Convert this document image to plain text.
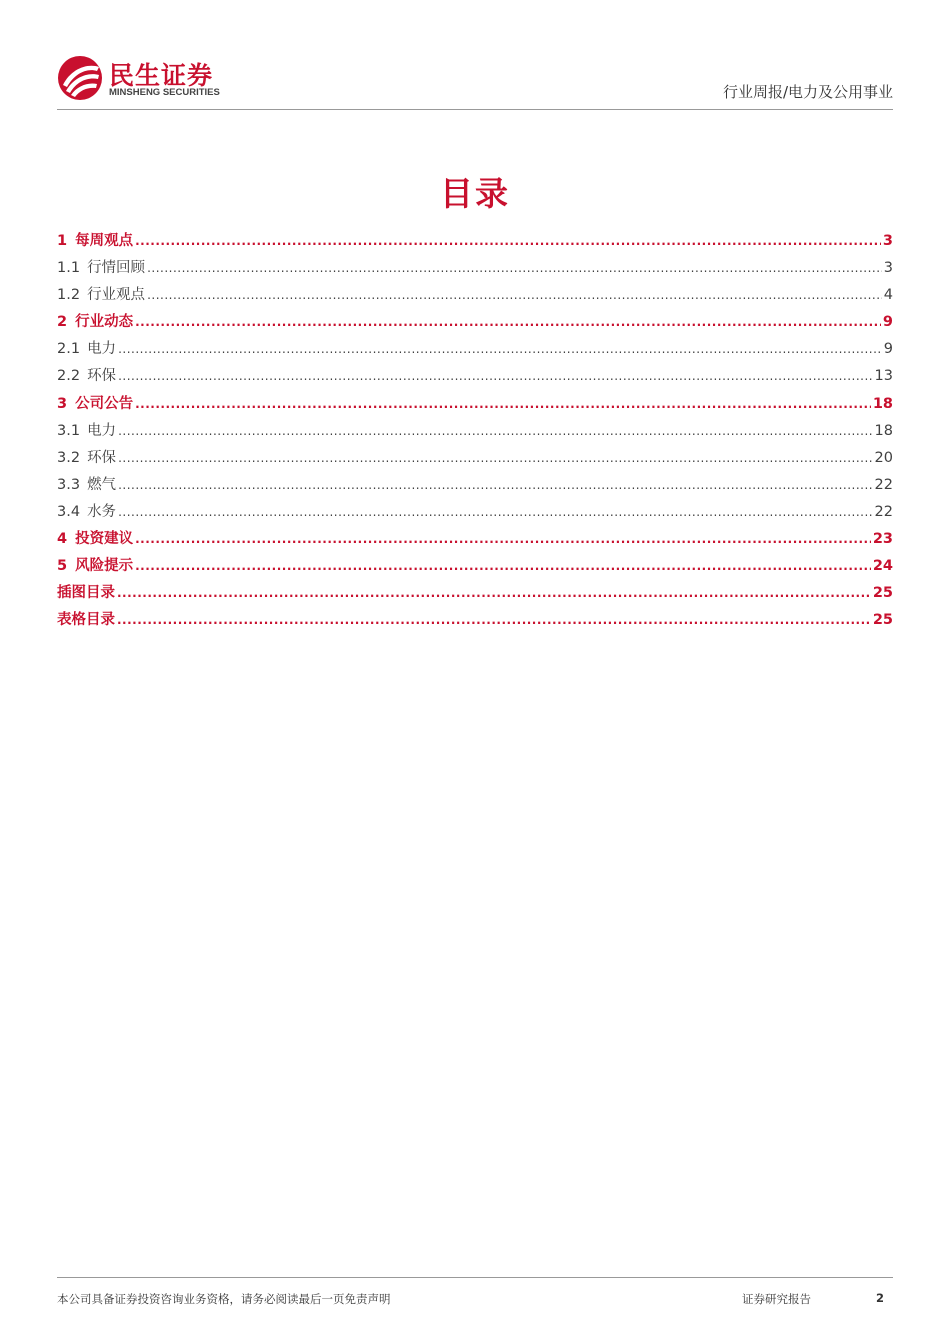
民生证券
MINSHENG SECURITIES	行业周报/电力及公用事业
目录
1 每周观点 .....	3
1.1 行情回顾 .....	3
1.2 行业观点 .....	4
2 行业动态 .....	9
2.1 电力 .....	9
2.2 环保 .....	13
3 公司公告 .....	18
3.1 电力 .....	18
3.2 环保 .....	20
3.3 燃气 .....	22
3.4 水务 .....	22
4 投资建议 .....	23
5 风险提示 .....	24
插图目录 .....	25
表格目录 .....	25
本公司具备证券投资咨询业务资格，请务必阅读最后一页免责声明	证券研究报告	2
